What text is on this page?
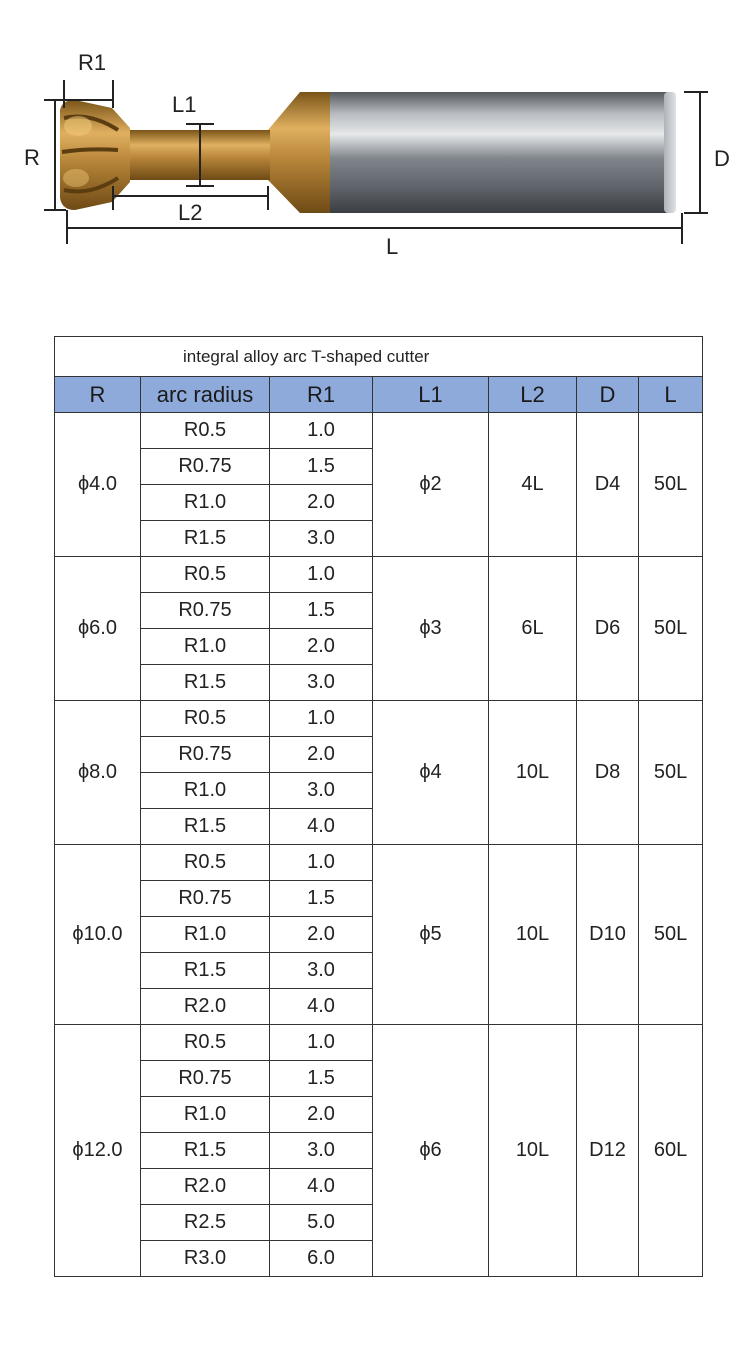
R1
L1
R
L2
D
L
integral alloy arc T-shaped cutter						
R	arc radius	R1	L1	L2	D	L
ϕ4.0	R0.5	1.0	ϕ2	4L	D4	50L
	R0.75	1.5				
	R1.0	2.0				
	R1.5	3.0				
ϕ6.0	R0.5	1.0	ϕ3	6L	D6	50L
	R0.75	1.5				
	R1.0	2.0				
	R1.5	3.0				
ϕ8.0	R0.5	1.0	ϕ4	10L	D8	50L
	R0.75	2.0				
	R1.0	3.0				
	R1.5	4.0				
ϕ10.0	R0.5	1.0	ϕ5	10L	D10	50L
	R0.75	1.5				
	R1.0	2.0				
	R1.5	3.0				
	R2.0	4.0				
ϕ12.0	R0.5	1.0	ϕ6	10L	D12	60L
	R0.75	1.5				
	R1.0	2.0				
	R1.5	3.0				
	R2.0	4.0				
	R2.5	5.0				
	R3.0	6.0				
